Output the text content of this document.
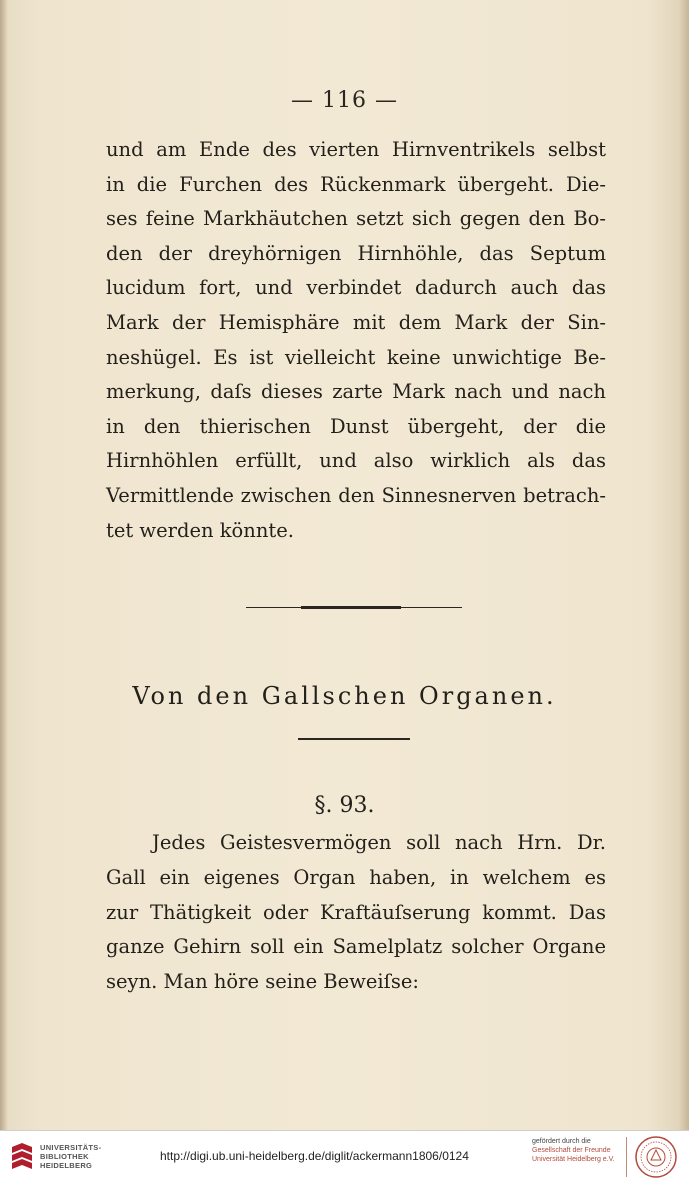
— 116 —
und am Ende des vierten Hirnventrikels selbst
in die Furchen des Rückenmark übergeht. Die-
ses feine Markhäutchen setzt sich gegen den Bo-
den der dreyhörnigen Hirnhöhle, das Septum
lucidum fort, und verbindet dadurch auch das
Mark der Hemisphäre mit dem Mark der Sin-
neshügel. Es ist vielleicht keine unwichtige Be-
merkung, daſs dieses zarte Mark nach und nach
in den thierischen Dunst übergeht, der die
Hirnhöhlen erfüllt, und also wirklich als das
Vermittlende zwischen den Sinnesnerven betrach-
tet werden könnte.
Von den Gallschen Organen.
§. 93.
Jedes Geistesvermögen soll nach Hrn. Dr.
Gall ein eigenes Organ haben, in welchem es
zur Thätigkeit oder Kraftäuſserung kommt. Das
ganze Gehirn soll ein Samelplatz solcher Organe
seyn. Man höre seine Beweiſse:
UNIVERSITÄTS-
BIBLIOTHEK
HEIDELBERG
http://digi.ub.uni-heidelberg.de/diglit/ackermann1806/0124
gefördert durch die
Gesellschaft der Freunde
Universität Heidelberg e.V.
